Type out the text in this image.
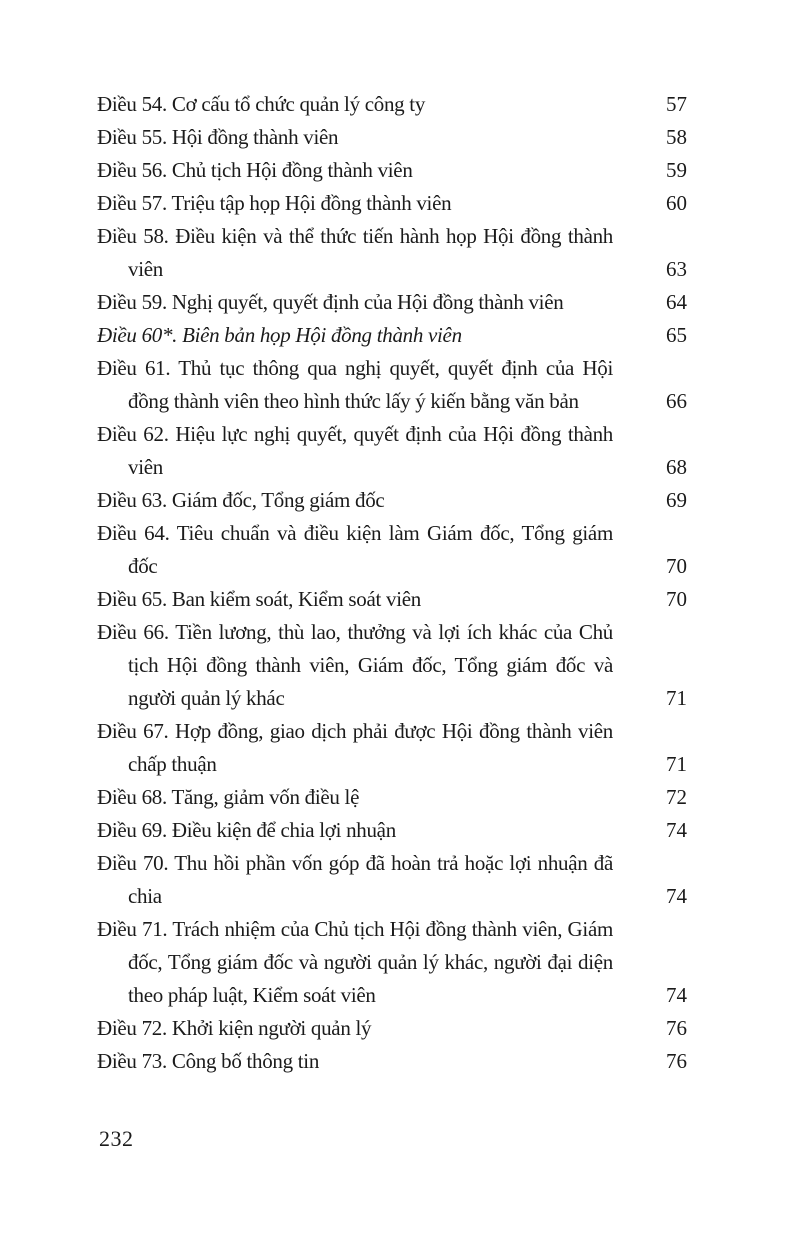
Điều 54. Cơ cấu tổ chức quản lý công ty	57
Điều 55. Hội đồng thành viên	58
Điều 56. Chủ tịch Hội đồng thành viên	59
Điều 57. Triệu tập họp Hội đồng thành viên	60
Điều 58. Điều kiện và thể thức tiến hành họp Hội đồng thành viên	63
Điều 59. Nghị quyết, quyết định của Hội đồng thành viên	64
Điều 60*. Biên bản họp Hội đồng thành viên	65
Điều 61. Thủ tục thông qua nghị quyết, quyết định của Hội đồng thành viên theo hình thức lấy ý kiến bằng văn bản	66
Điều 62. Hiệu lực nghị quyết, quyết định của Hội đồng thành viên	68
Điều 63. Giám đốc, Tổng giám đốc	69
Điều 64. Tiêu chuẩn và điều kiện làm Giám đốc, Tổng giám đốc	70
Điều 65. Ban kiểm soát, Kiểm soát viên	70
Điều 66. Tiền lương, thù lao, thưởng và lợi ích khác của Chủ tịch Hội đồng thành viên, Giám đốc, Tổng giám đốc và người quản lý khác	71
Điều 67. Hợp đồng, giao dịch phải được Hội đồng thành viên chấp thuận	71
Điều 68. Tăng, giảm vốn điều lệ	72
Điều 69. Điều kiện để chia lợi nhuận	74
Điều 70. Thu hồi phần vốn góp đã hoàn trả hoặc lợi nhuận đã chia	74
Điều 71. Trách nhiệm của Chủ tịch Hội đồng thành viên, Giám đốc, Tổng giám đốc và người quản lý khác, người đại diện theo pháp luật, Kiểm soát viên	74
Điều 72. Khởi kiện người quản lý	76
Điều 73. Công bố thông tin	76
232
